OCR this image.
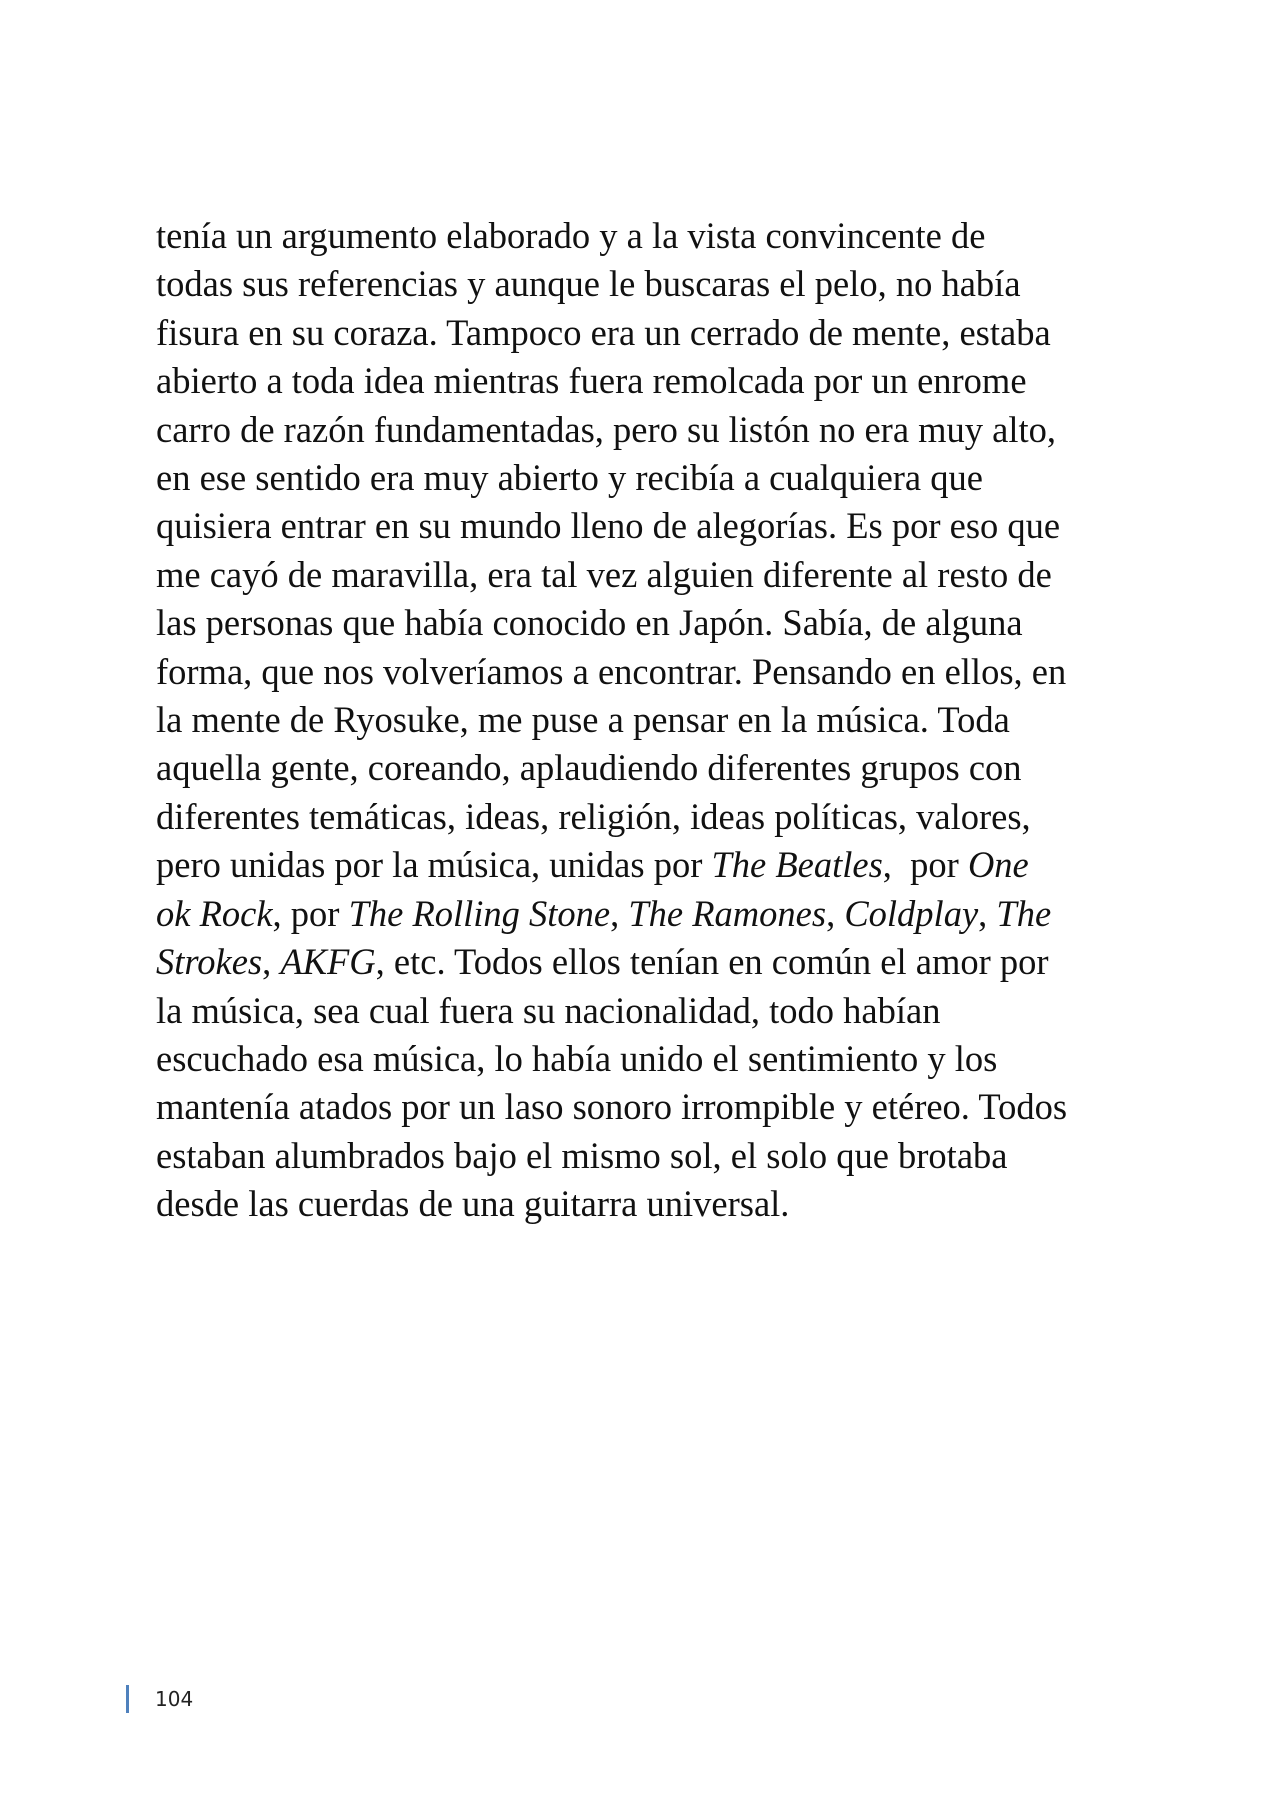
tenía un argumento elaborado y a la vista convincente de
todas sus referencias y aunque le buscaras el pelo, no había
fisura en su coraza. Tampoco era un cerrado de mente, estaba
abierto a toda idea mientras fuera remolcada por un enrome
carro de razón fundamentadas, pero su listón no era muy alto,
en ese sentido era muy abierto y recibía a cualquiera que
quisiera entrar en su mundo lleno de alegorías. Es por eso que
me cayó de maravilla, era tal vez alguien diferente al resto de
las personas que había conocido en Japón. Sabía, de alguna
forma, que nos volveríamos a encontrar. Pensando en ellos, en
la mente de Ryosuke, me puse a pensar en la música. Toda
aquella gente, coreando, aplaudiendo diferentes grupos con
diferentes temáticas, ideas, religión, ideas políticas, valores,
pero unidas por la música, unidas por The Beatles,  por One
ok Rock, por The Rolling Stone, The Ramones, Coldplay, The
Strokes, AKFG, etc. Todos ellos tenían en común el amor por
la música, sea cual fuera su nacionalidad, todo habían
escuchado esa música, lo había unido el sentimiento y los
mantenía atados por un laso sonoro irrompible y etéreo. Todos
estaban alumbrados bajo el mismo sol, el solo que brotaba
desde las cuerdas de una guitarra universal.
104
